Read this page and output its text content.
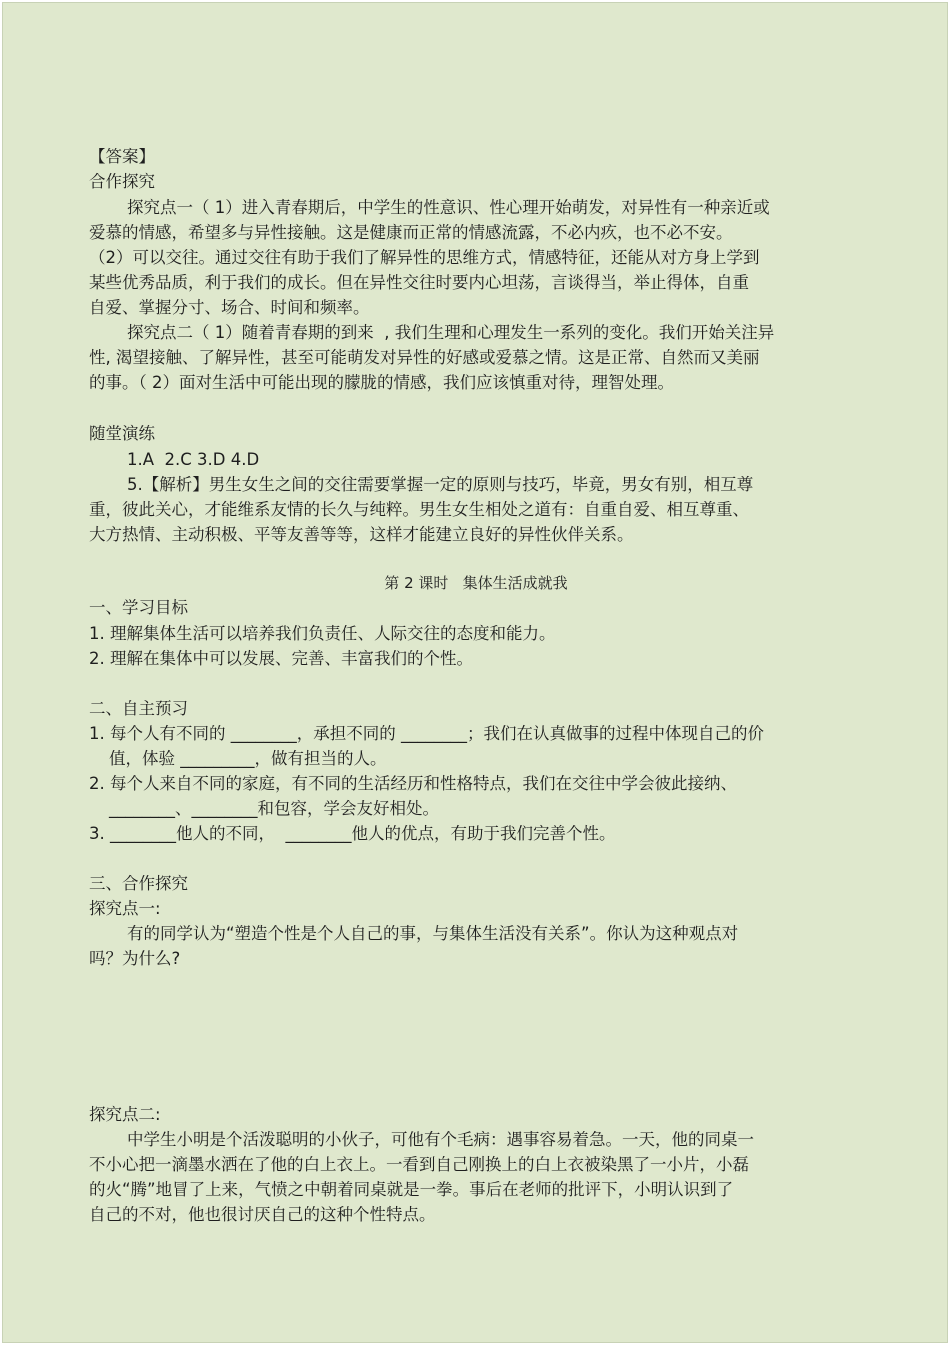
【答案】
合作探究
探究点一（ 1）进入青春期后，中学生的性意识、性心理开始萌发，对异性有一种亲近或
爱慕的情感，希望多与异性接触。这是健康而正常的情感流露，不必内疚，也不必不安。
（2）可以交往。通过交往有助于我们了解异性的思维方式，情感特征，还能从对方身上学到
某些优秀品质，利于我们的成长。但在异性交往时要内心坦荡，言谈得当，举止得体，自重
自爱、掌握分寸、场合、时间和频率。
探究点二（ 1）随着青春期的到来  , 我们生理和心理发生一系列的变化。我们开始关注异
性, 渴望接触、了解异性，甚至可能萌发对异性的好感或爱慕之情。这是正常、自然而又美丽
的事。（ 2）面对生活中可能出现的朦胧的情感，我们应该慎重对待，理智处理。
随堂演练
1.A  2.C 3.D 4.D
5.【解析】男生女生之间的交往需要掌握一定的原则与技巧，毕竟，男女有别，相互尊
重，彼此关心，才能维系友情的长久与纯粹。男生女生相处之道有：自重自爱、相互尊重、
大方热情、主动积极、平等友善等等，这样才能建立良好的异性伙伴关系。
第 2 课时   集体生活成就我
一、学习目标
1. 理解集体生活可以培养我们负责任、人际交往的态度和能力。
2. 理解在集体中可以发展、完善、丰富我们的个性。
二、自主预习
1. 每个人有不同的 ________，承担不同的 ________；我们在认真做事的过程中体现自己的价
值，体验 _________，做有担当的人。
2. 每个人来自不同的家庭，有不同的生活经历和性格特点，我们在交往中学会彼此接纳、
________、________和包容，学会友好相处。
3. ________他人的不同，  ________他人的优点，有助于我们完善个性。
三、合作探究
探究点一:
有的同学认为“塑造个性是个人自己的事，与集体生活没有关系”。你认为这种观点对
吗？为什么?
探究点二:
中学生小明是个活泼聪明的小伙子，可他有个毛病：遇事容易着急。一天，他的同桌一
不小心把一滴墨水洒在了他的白上衣上。一看到自己刚换上的白上衣被染黑了一小片，小磊
的火“腾”地冒了上来，气愤之中朝着同桌就是一拳。事后在老师的批评下，小明认识到了
自己的不对，他也很讨厌自己的这种个性特点。
